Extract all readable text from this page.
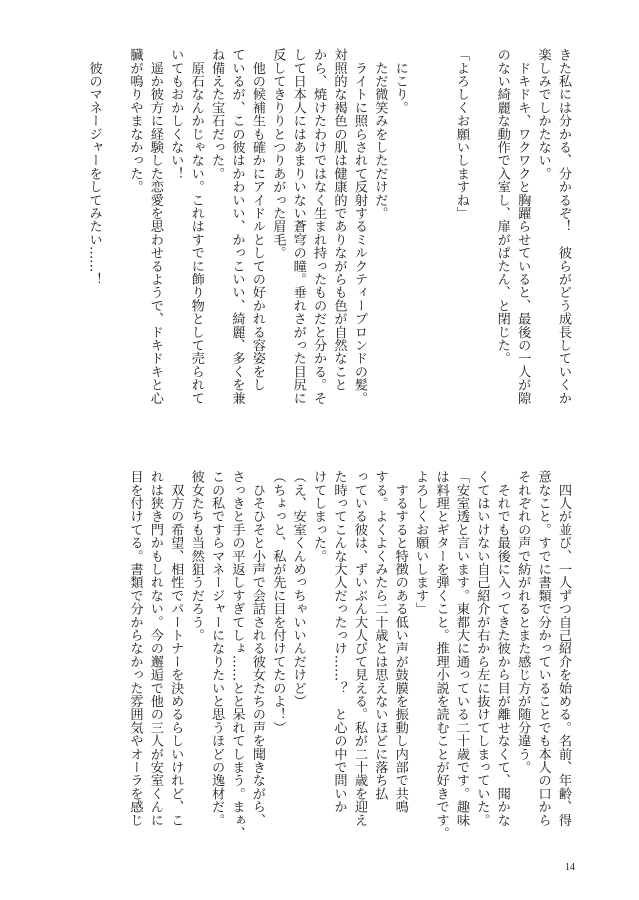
きた私には分かる、分かるぞ！　彼らがどう成長していくか
楽しみでしかたない。
　ドキドキ、ワクワクと胸躍らせていると、最後の一人が隙
のない綺麗な動作で入室し、扉がぱたん、と閉じた。

「よろしくお願いしますね」

　にこり。
　ただ微笑みをしただけだ。
　ライトに照らされて反射するミルクティーブロンドの髪。
対照的な褐色の肌は健康的でありながらも色が自然なこと
から、焼けたわけではなく生まれ持ったものだと分かる。そ
して日本人にはあまりいない蒼穹の瞳。垂れさがった目尻に
反してきりりとつりあがった眉毛。
　他の候補生も確かにアイドルとしての好かれる容姿をし
ているが、この彼はかわいい、かっこいい、綺麗、多くを兼
ね備えた宝石だった。
　原石なんかじゃない。これはすでに飾り物として売られて
いてもおかしくない！
　遥か彼方に経験した恋愛を思わせるようで、ドキドキと心
臓が鳴りやまなかった。

　彼のマネージャーをしてみたい……！
　四人が並び、一人ずつ自己紹介を始める。名前、年齢、得
意なこと。すでに書類で分かっていることでも本人の口から
それぞれの声で紡がれるとまた感じ方が随分違う。
　それでも最後に入ってきた彼から目が離せなくて、聞かな
くてはいけない自己紹介が右から左に抜けてしまっていた。
「安室透と言います。東都大に通っている二十歳です。趣味
は料理とギターを弾くこと。推理小説を読むことが好きです。
よろしくお願いします」
　するすると特徴のある低い声が鼓膜を振動し内部で共鳴
する。よくよくみたら二十歳とは思えないほどに落ち払
っている彼は、ずいぶん大人びて見える。私が二十歳を迎え
た時ってこんな大人だったっけ……？　と心の中で問いか
けてしまった。
（え、安室くんめっちゃいいんだけど）
（ちょっと、私が先に目を付けてたのよ！）
　ひそひそと小声で会話される彼女たちの声を聞きながら、
さっきと手の平返しすぎてしょ……とと呆れてしまう。まぁ、
この私ですらマネージャーになりたいと思うほどの逸材だ。
彼女たちも当然狙うだろう。
　双方の希望、相性でパートナーを決めるらしいけれど、こ
れは狭き門かもしれない。今の邂逅で他の三人が安室くんに
目を付けてる。書類で分からなかった雰囲気やオーラを感じ
14
